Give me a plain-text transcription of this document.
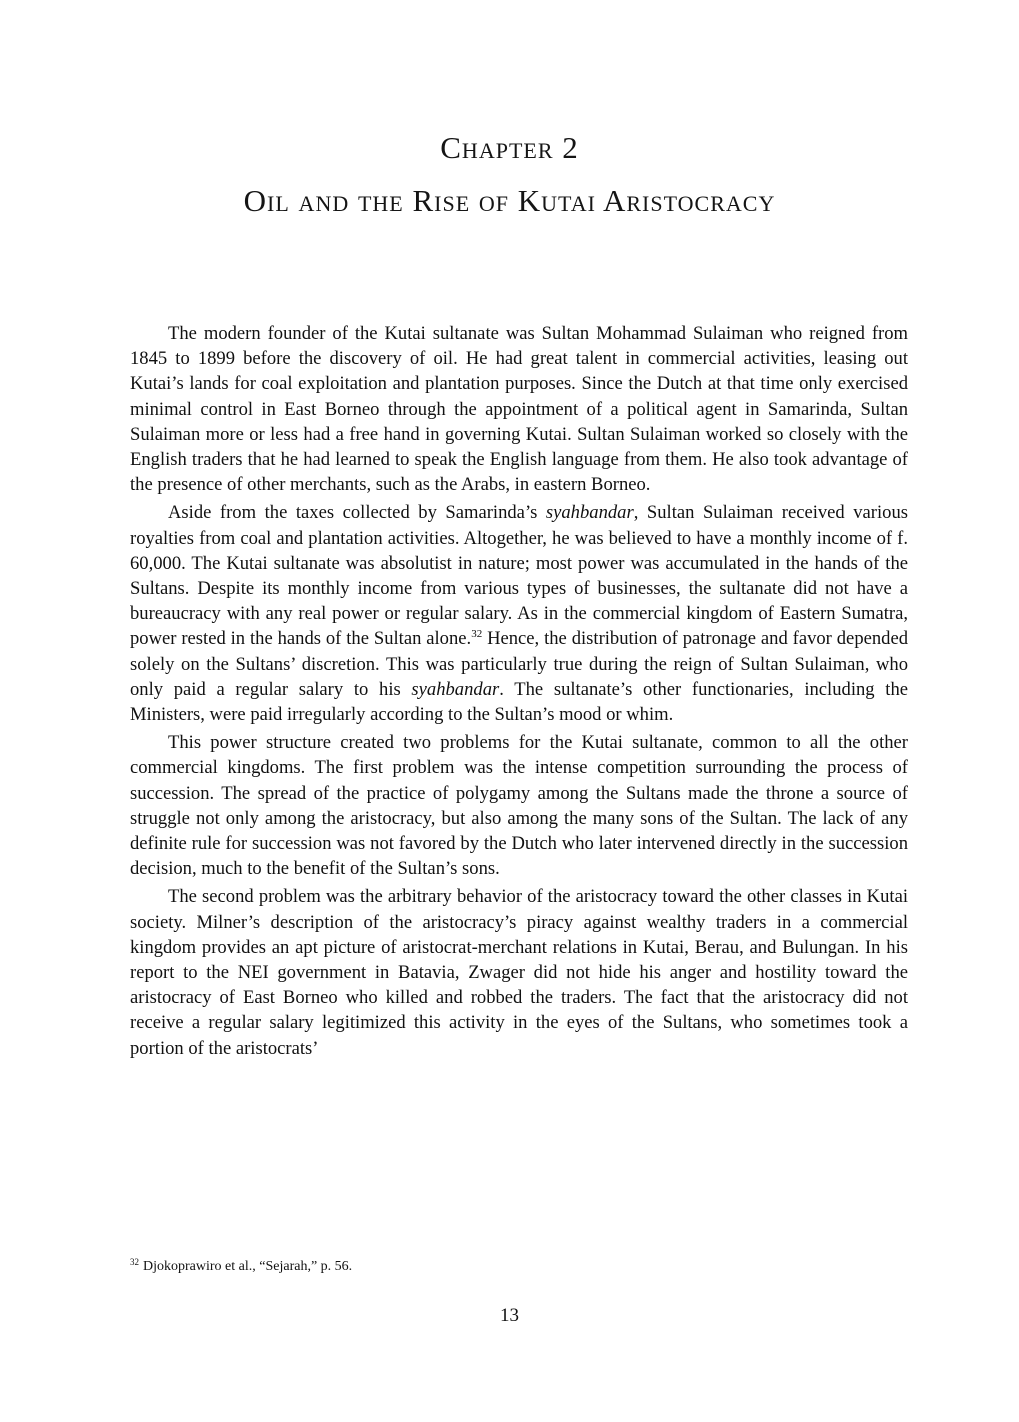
Chapter 2
Oil and the Rise of Kutai Aristocracy

The modern founder of the Kutai sultanate was Sultan Mohammad Sulaiman who reigned from 1845 to 1899 before the discovery of oil. He had great talent in commercial activities, leasing out Kutai’s lands for coal exploitation and plantation purposes. Since the Dutch at that time only exercised minimal control in East Borneo through the appointment of a political agent in Samarinda, Sultan Sulaiman more or less had a free hand in governing Kutai. Sultan Sulaiman worked so closely with the English traders that he had learned to speak the English language from them. He also took advantage of the presence of other merchants, such as the Arabs, in eastern Borneo.

Aside from the taxes collected by Samarinda’s syahbandar, Sultan Sulaiman received various royalties from coal and plantation activities. Altogether, he was believed to have a monthly income of f. 60,000. The Kutai sultanate was absolutist in nature; most power was accumulated in the hands of the Sultans. Despite its monthly income from various types of businesses, the sultanate did not have a bureaucracy with any real power or regular salary. As in the commercial kingdom of Eastern Sumatra, power rested in the hands of the Sultan alone.$^{32}$ Hence, the distribution of patronage and favor depended solely on the Sultans’ discretion. This was particularly true during the reign of Sultan Sulaiman, who only paid a regular salary to his syahbandar. The sultanate’s other functionaries, including the Ministers, were paid irregularly according to the Sultan’s mood or whim.

This power structure created two problems for the Kutai sultanate, common to all the other commercial kingdoms. The first problem was the intense competition surrounding the process of succession. The spread of the practice of polygamy among the Sultans made the throne a source of struggle not only among the aristocracy, but also among the many sons of the Sultan. The lack of any definite rule for succession was not favored by the Dutch who later intervened directly in the succession decision, much to the benefit of the Sultan’s sons.

The second problem was the arbitrary behavior of the aristocracy toward the other classes in Kutai society. Milner’s description of the aristocracy’s piracy against wealthy traders in a commercial kingdom provides an apt picture of aristocrat-merchant relations in Kutai, Berau, and Bulungan. In his report to the NEI government in Batavia, Zwager did not hide his anger and hostility toward the aristocracy of East Borneo who killed and robbed the traders. The fact that the aristocracy did not receive a regular salary legitimized this activity in the eyes of the Sultans, who sometimes took a portion of the aristocrats’

$^{32}$ Djokoprawiro et al., “Sejarah,” p. 56.
13
